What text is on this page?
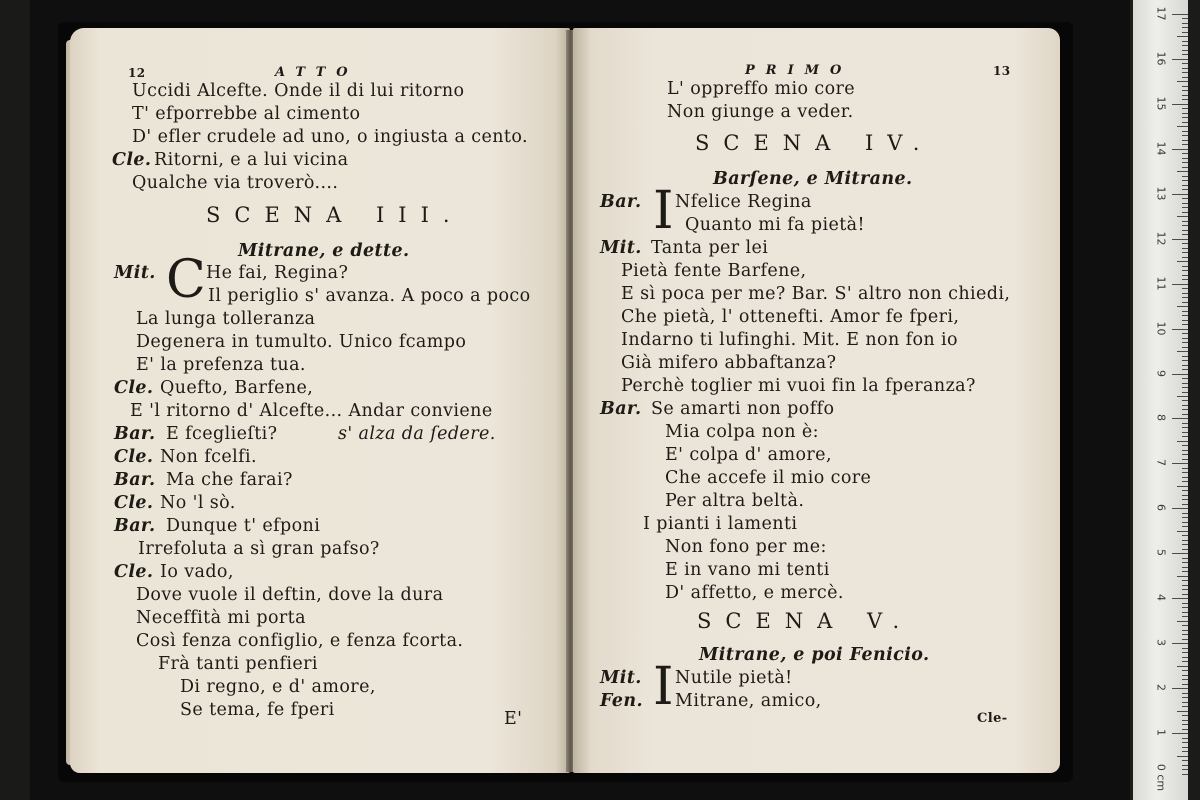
12	ATTO
Uccidi Alcefte. Onde il di lui ritorno
T' efporrebbe al cimento
D' efler crudele ad uno, o ingiusta a cento.
Cle. Ritorni, e a lui vicina
Qualche via troverò....
SCENA III.
Mitrane, e dette.
Mit. C He fai, Regina?
Il periglio s' avanza. A poco a poco
La lunga tolleranza
Degenera in tumulto. Unico fcampo
E' la prefenza tua.
Cle. Quefto, Barfene,
E 'l ritorno d' Alcefte... Andar conviene
Bar. E fceglieſti?	s' alza da ſedere.
Cle. Non fcelfi.
Bar. Ma che farai?
Cle. No 'l sò.
Bar. Dunque t' efponi
Irrefoluta a sì gran pafso?
Cle. Io vado,
Dove vuole il deftin, dove la dura
Neceffità mi porta
Così fenza configlio, e fenza fcorta.
Frà tanti penfieri
Di regno, e d' amore,
Se tema, fe fperi	E'
PRIMO	13
L' oppreffo mio core
Non giunge a veder.
SCENA IV.
Barſene, e Mitrane.
Bar. I Nfelice Regina
Quanto mi fa pietà!
Mit. Tanta per lei
Pietà fente Barfene,
E sì poca per me? Bar. S' altro non chiedi,
Che pietà, l' ottenefti. Amor fe fperi,
Indarno ti lufinghi. Mit. E non fon io
Già mifero abbaftanza?
Perchè toglier mi vuoi fin la fperanza?
Bar. Se amarti non poffo
Mia colpa non è:
E' colpa d' amore,
Che accefe il mio core
Per altra beltà.
I pianti i lamenti
Non fono per me:
E in vano mi tenti
D' affetto, e mercè.
SCENA V.
Mitrane, e poi Fenicio.
Mit. I Nutile pietà!
Fen. Mitrane, amico,
Cle-
17
16
15
14
13
12
11
10
9
8
7
6
5
4
3
2
1
0 cm
